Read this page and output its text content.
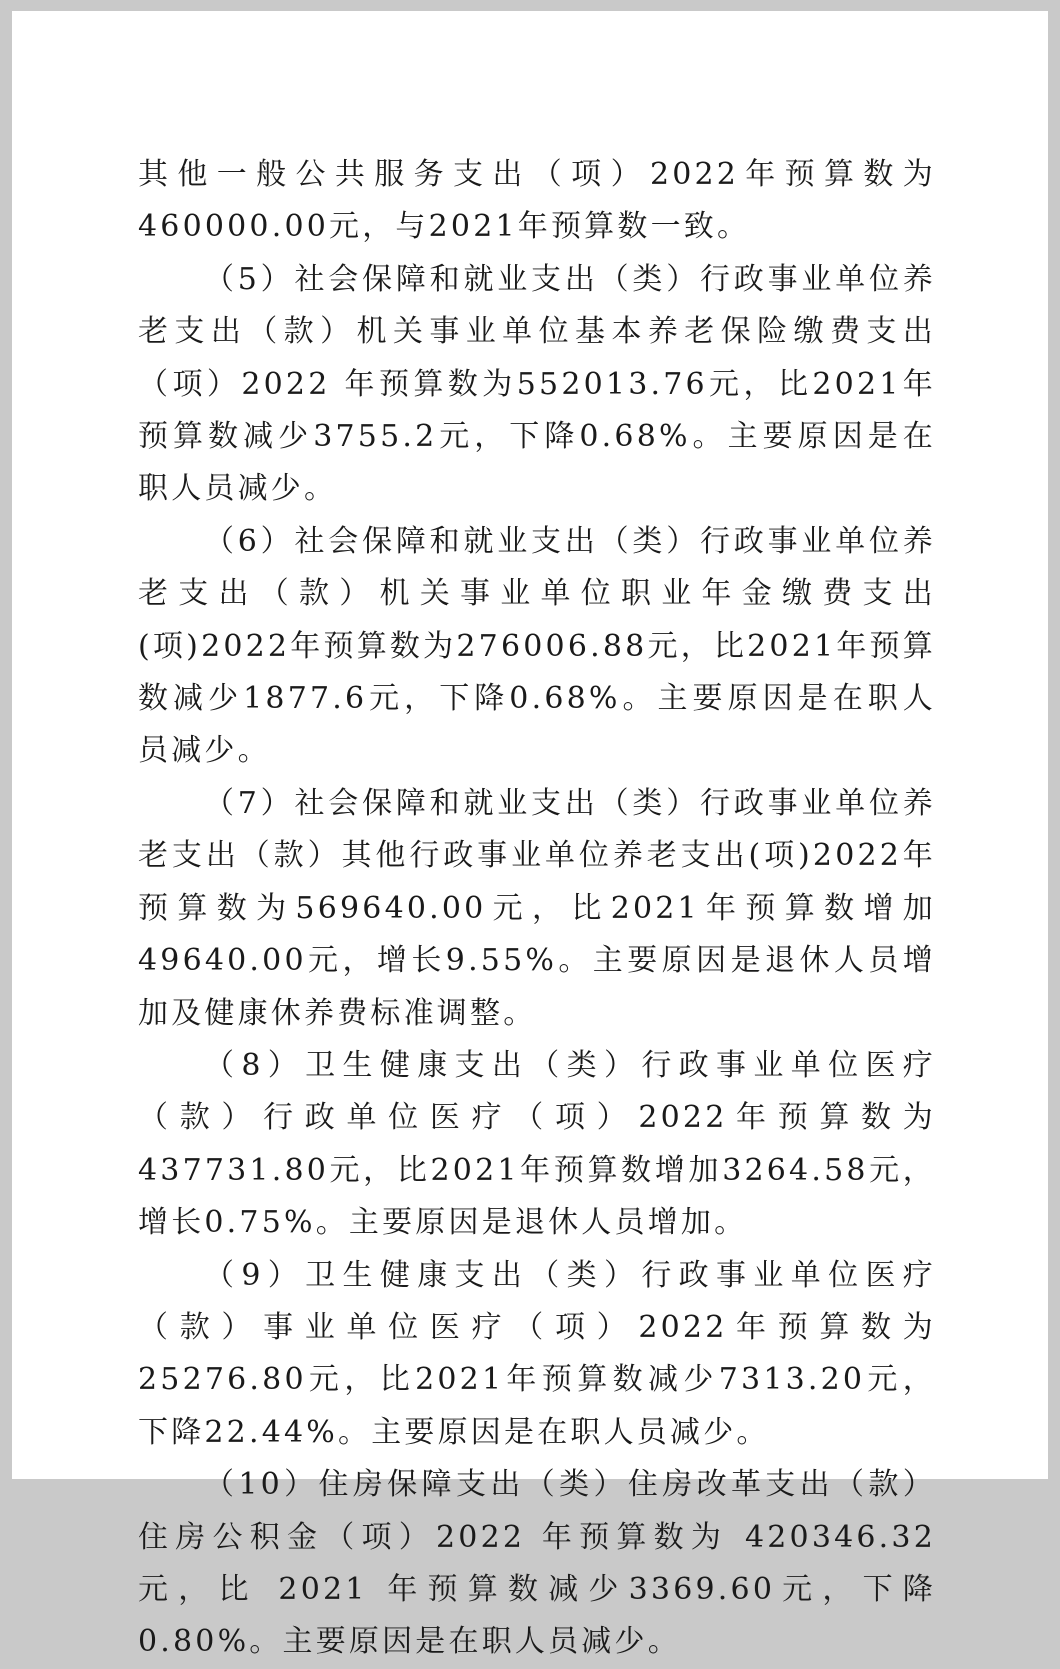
其他一般公共服务支出（项）2022年预算数为460000.00元，与2021年预算数一致。

（5）社会保障和就业支出（类）行政事业单位养老支出（款）机关事业单位基本养老保险缴费支出（项）2022 年预算数为552013.76元，比2021年预算数减少3755.2元，下降0.68%。主要原因是在职人员减少。

（6）社会保障和就业支出（类）行政事业单位养老支出（款）机关事业单位职业年金缴费支出(项)2022年预算数为276006.88元，比2021年预算数减少1877.6元，下降0.68%。主要原因是在职人员减少。

（7）社会保障和就业支出（类）行政事业单位养老支出（款）其他行政事业单位养老支出(项)2022年预算数为569640.00元，比2021年预算数增加49640.00元，增长9.55%。主要原因是退休人员增加及健康休养费标准调整。

（8）卫生健康支出（类）行政事业单位医疗（款）行政单位医疗（项）2022年预算数为437731.80元，比2021年预算数增加3264.58元，增长0.75%。主要原因是退休人员增加。

（9）卫生健康支出（类）行政事业单位医疗（款）事业单位医疗（项）2022年预算数为25276.80元，比2021年预算数减少7313.20元，下降22.44%。主要原因是在职人员减少。

（10）住房保障支出（类）住房改革支出（款）住房公积金（项）2022 年预算数为 420346.32 元，比 2021 年预算数减少3369.60元，下降0.80%。主要原因是在职人员减少。
